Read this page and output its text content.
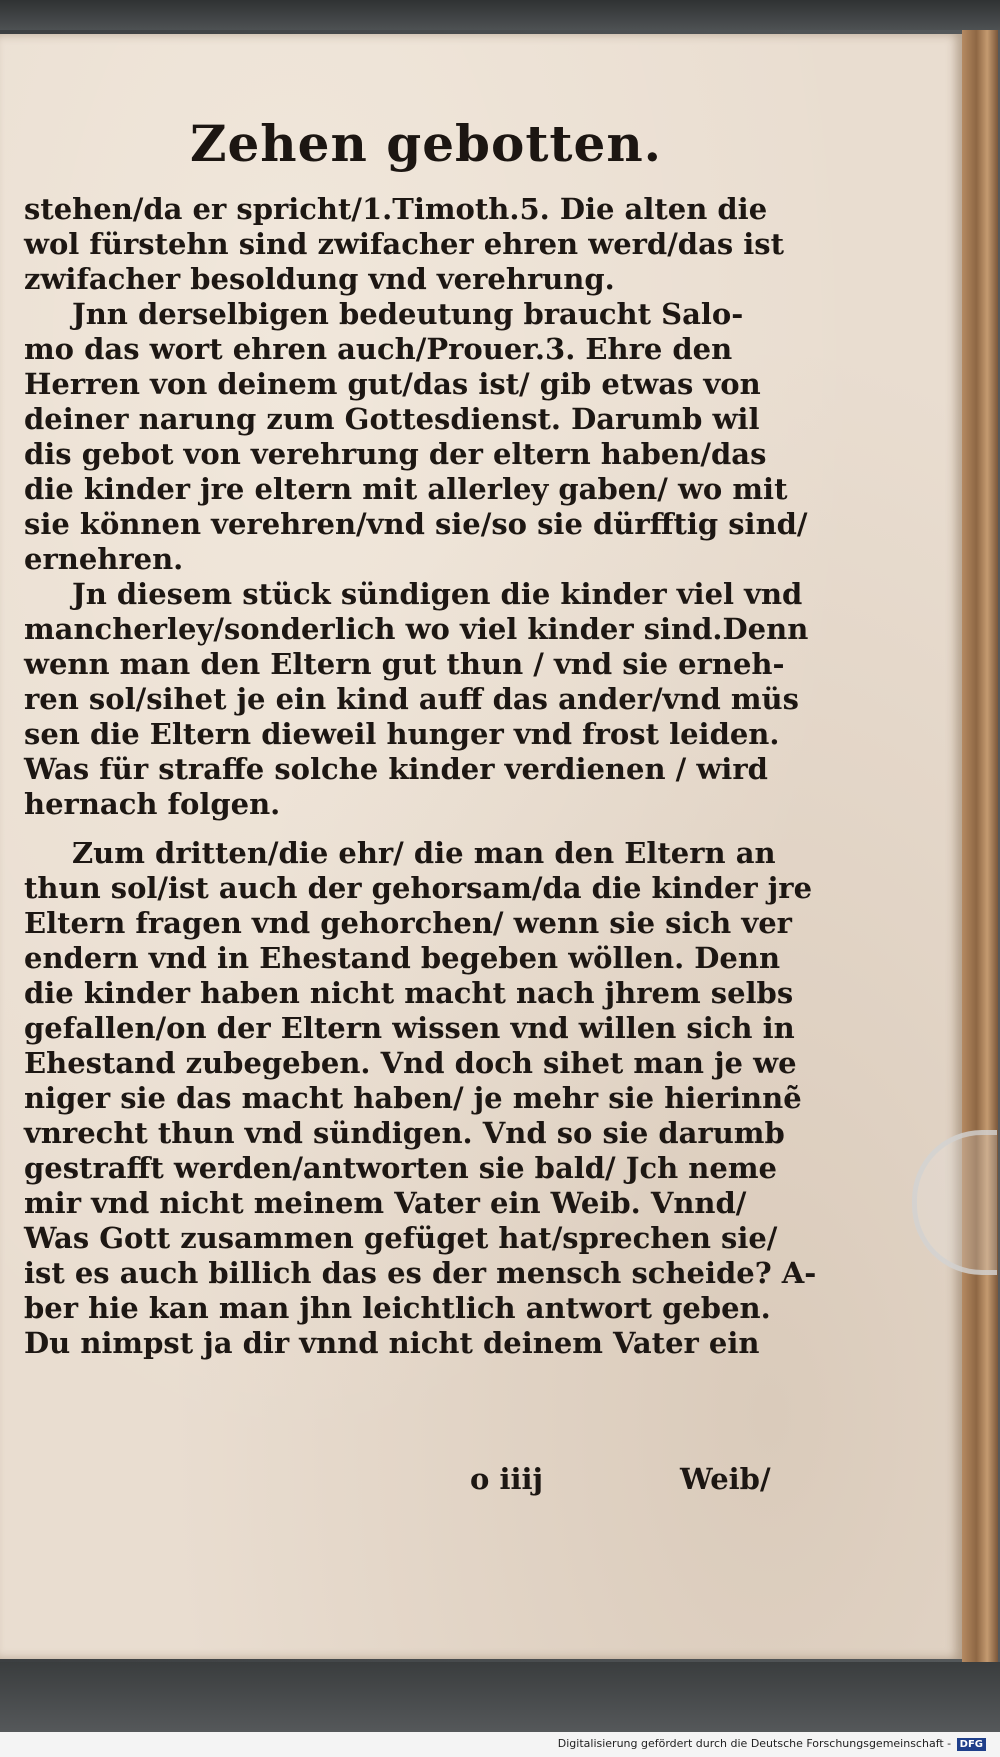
Zehen gebotten.
stehen/da er spricht/1.Timoth.5. Die alten die
wol fürstehn sind zwifacher ehren werd/das ist
zwifacher besoldung vnd verehrung.
Jnn derselbigen bedeutung braucht Salo-
mo das wort ehren auch/Prouer.3. Ehre den
Herren von deinem gut/das ist/ gib etwas von
deiner narung zum Gottesdienst. Darumb wil
dis gebot von verehrung der eltern haben/das
die kinder jre eltern mit allerley gaben/ wo mit
sie können verehren/vnd sie/so sie dürfftig sind/
ernehren.
Jn diesem stück sündigen die kinder viel vnd
mancherley/sonderlich wo viel kinder sind.Denn
wenn man den Eltern gut thun / vnd sie erneh-
ren sol/sihet je ein kind auff das ander/vnd müs
sen die Eltern dieweil hunger vnd frost leiden.
Was für straffe solche kinder verdienen / wird
hernach folgen.
Zum dritten/die ehr/ die man den Eltern an
thun sol/ist auch der gehorsam/da die kinder jre
Eltern fragen vnd gehorchen/ wenn sie sich ver
endern vnd in Ehestand begeben wöllen. Denn
die kinder haben nicht macht nach jhrem selbs
gefallen/on der Eltern wissen vnd willen sich in
Ehestand zubegeben. Vnd doch sihet man je we
niger sie das macht haben/ je mehr sie hierinnẽ
vnrecht thun vnd sündigen. Vnd so sie darumb
gestrafft werden/antworten sie bald/ Jch neme
mir vnd nicht meinem Vater ein Weib. Vnnd/
Was Gott zusammen gefüget hat/sprechen sie/
ist es auch billich das es der mensch scheide? A-
ber hie kan man jhn leichtlich antwort geben.
Du nimpst ja dir vnnd nicht deinem Vater ein
o iiij	Weib/
Digitalisierung gefördert durch die Deutsche Forschungsgemeinschaft - DFG
